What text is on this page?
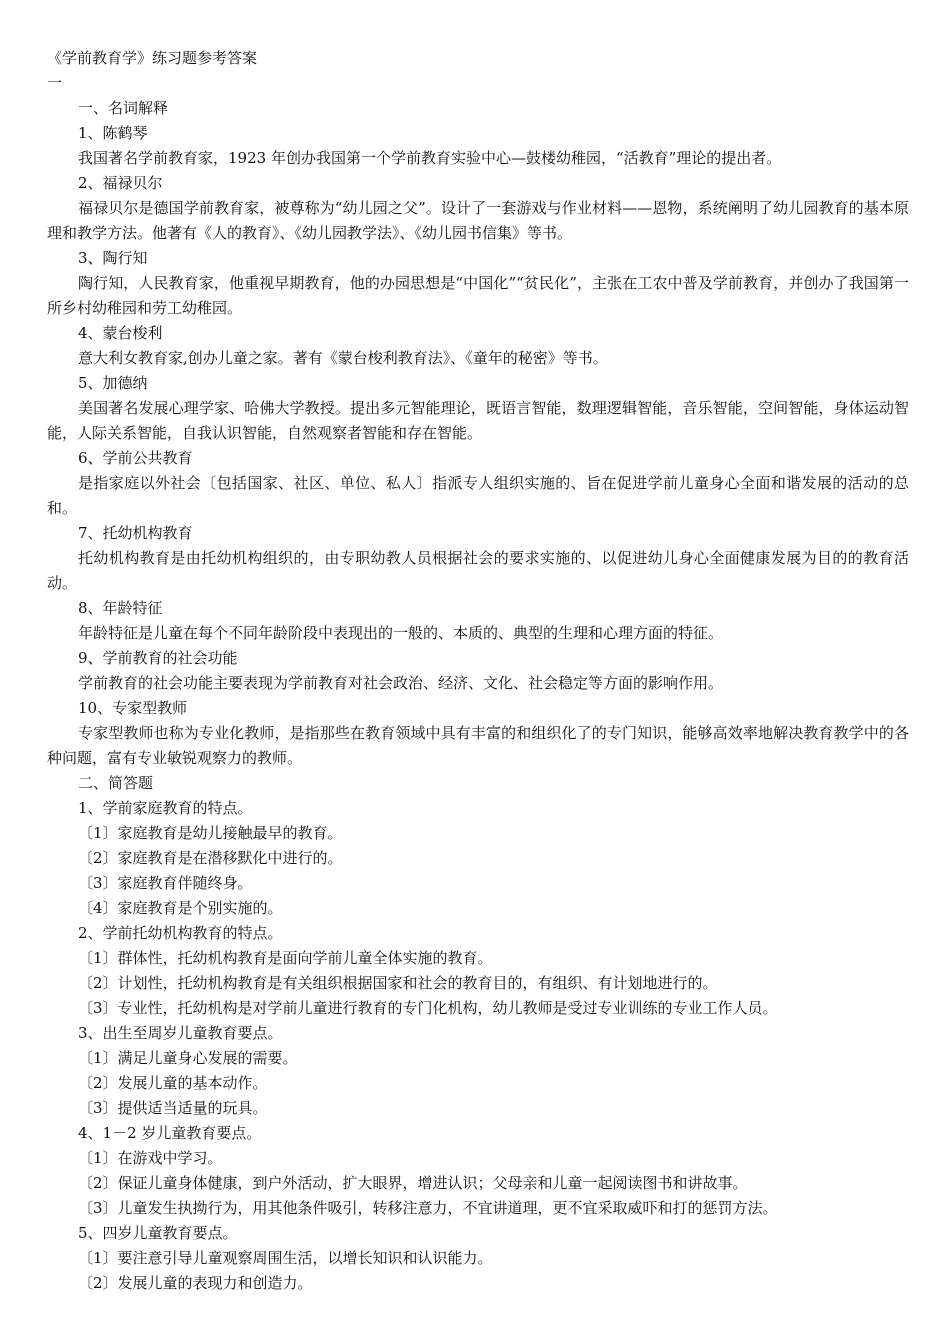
《学前教育学》练习题参考答案
一
一、名词解释
1、陈鹤琴
我国著名学前教育家，1923 年创办我国第一个学前教育实验中心—鼓楼幼稚园，“活教育”理论的提出者。
2、福禄贝尔
福禄贝尔是德国学前教育家，被尊称为“幼儿园之父”。设计了一套游戏与作业材料——恩物，系统阐明了幼儿园教育的基本原理和教学方法。他著有《人的教育》、《幼儿园教学法》、《幼儿园书信集》等书。
3、陶行知
陶行知，人民教育家，他重视早期教育，他的办园思想是“中国化”“贫民化”，主张在工农中普及学前教育，并创办了我国第一所乡村幼稚园和劳工幼稚园。
4、蒙台梭利
意大利女教育家,创办儿童之家。著有《蒙台梭利教育法》、《童年的秘密》等书。
5、加德纳
美国著名发展心理学家、哈佛大学教授。提出多元智能理论，既语言智能，数理逻辑智能，音乐智能，空间智能，身体运动智能，人际关系智能，自我认识智能，自然观察者智能和存在智能。
6、学前公共教育
是指家庭以外社会〔包括国家、社区、单位、私人〕指派专人组织实施的、旨在促进学前儿童身心全面和谐发展的活动的总和。
7、托幼机构教育
托幼机构教育是由托幼机构组织的，由专职幼教人员根据社会的要求实施的、以促进幼儿身心全面健康发展为目的的教育活动。
8、年龄特征
年龄特征是儿童在每个不同年龄阶段中表现出的一般的、本质的、典型的生理和心理方面的特征。
9、学前教育的社会功能
学前教育的社会功能主要表现为学前教育对社会政治、经济、文化、社会稳定等方面的影响作用。
10、专家型教师
专家型教师也称为专业化教师，是指那些在教育领域中具有丰富的和组织化了的专门知识，能够高效率地解决教育教学中的各种问题，富有专业敏锐观察力的教师。
二、简答题
1、学前家庭教育的特点。
〔1〕家庭教育是幼儿接触最早的教育。
〔2〕家庭教育是在潜移默化中进行的。
〔3〕家庭教育伴随终身。
〔4〕家庭教育是个别实施的。
2、学前托幼机构教育的特点。
〔1〕群体性，托幼机构教育是面向学前儿童全体实施的教育。
〔2〕计划性，托幼机构教育是有关组织根据国家和社会的教育目的，有组织、有计划地进行的。
〔3〕专业性，托幼机构是对学前儿童进行教育的专门化机构，幼儿教师是受过专业训练的专业工作人员。
3、出生至周岁儿童教育要点。
〔1〕满足儿童身心发展的需要。
〔2〕发展儿童的基本动作。
〔3〕提供适当适量的玩具。
4、1－2 岁儿童教育要点。
〔1〕在游戏中学习。
〔2〕保证儿童身体健康，到户外活动，扩大眼界，增进认识；父母亲和儿童一起阅读图书和讲故事。
〔3〕儿童发生执拗行为，用其他条件吸引，转移注意力，不宜讲道理，更不宜采取威吓和打的惩罚方法。
5、四岁儿童教育要点。
〔1〕要注意引导儿童观察周围生活，以增长知识和认识能力。
〔2〕发展儿童的表现力和创造力。
